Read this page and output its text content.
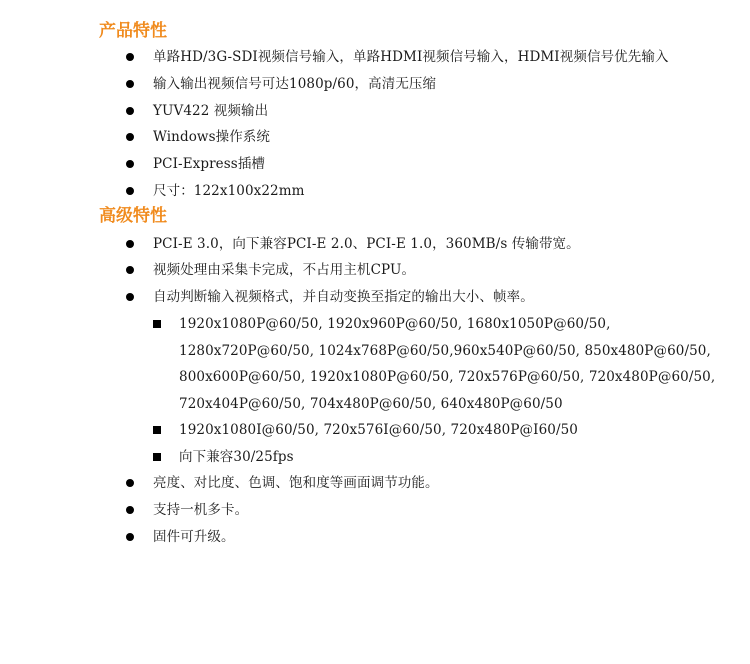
产品特性
单路HD/3G-SDI视频信号输入，单路HDMI视频信号输入，HDMI视频信号优先输入
输入输出视频信号可达1080p/60，高清无压缩
YUV422 视频输出
Windows操作系统
PCI-Express插槽
尺寸：122x100x22mm
高级特性
PCI-E 3.0，向下兼容PCI-E 2.0、PCI-E 1.0，360MB/s 传输带宽。
视频处理由采集卡完成，不占用主机CPU。
自动判断输入视频格式，并自动变换至指定的输出大小、帧率。
1920x1080P@60/50, 1920x960P@60/50, 1680x1050P@60/50,
1280x720P@60/50, 1024x768P@60/50,960x540P@60/50, 850x480P@60/50,
800x600P@60/50, 1920x1080P@60/50, 720x576P@60/50, 720x480P@60/50,
720x404P@60/50, 704x480P@60/50, 640x480P@60/50
1920x1080I@60/50, 720x576I@60/50, 720x480P@I60/50
向下兼容30/25fps
亮度、对比度、色调、饱和度等画面调节功能。
支持一机多卡。
固件可升级。
